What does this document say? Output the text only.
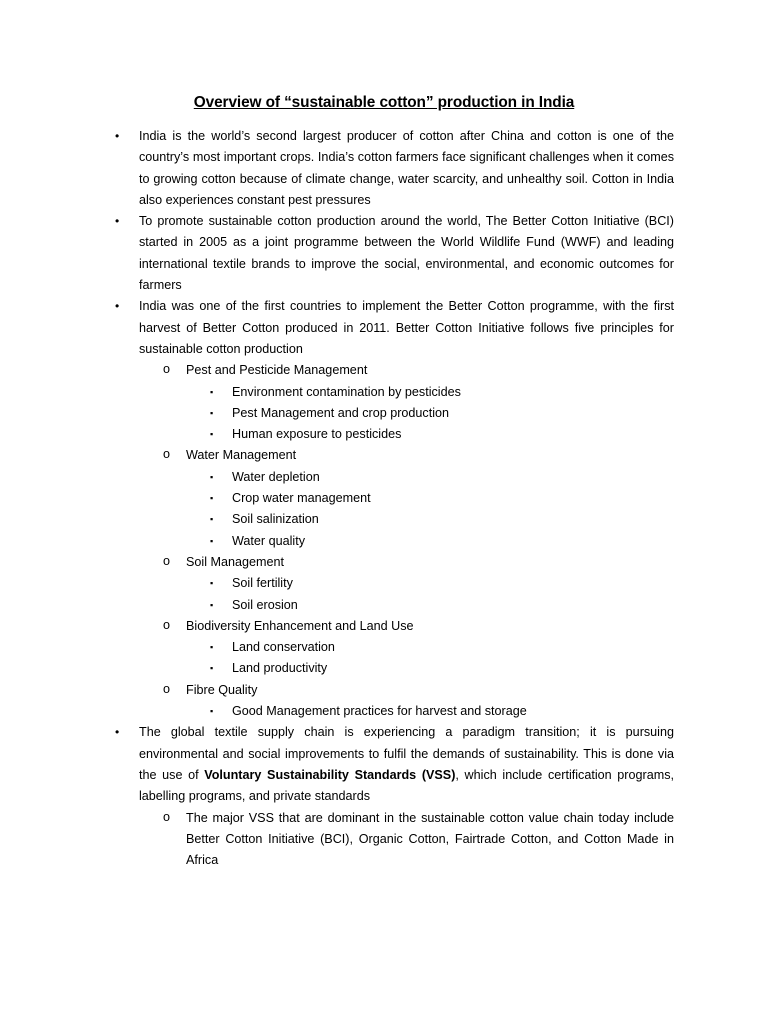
Overview of “sustainable cotton” production in India
• India is the world’s second largest producer of cotton after China and cotton is one of the country’s most important crops. India’s cotton farmers face significant challenges when it comes to growing cotton because of climate change, water scarcity, and unhealthy soil. Cotton in India also experiences constant pest pressures
• To promote sustainable cotton production around the world, The Better Cotton Initiative (BCI) started in 2005 as a joint programme between the World Wildlife Fund (WWF) and leading international textile brands to improve the social, environmental, and economic outcomes for farmers
• India was one of the first countries to implement the Better Cotton programme, with the first harvest of Better Cotton produced in 2011. Better Cotton Initiative follows five principles for sustainable cotton production
o Pest and Pesticide Management
▪ Environment contamination by pesticides
▪ Pest Management and crop production
▪ Human exposure to pesticides
o Water Management
▪ Water depletion
▪ Crop water management
▪ Soil salinization
▪ Water quality
o Soil Management
▪ Soil fertility
▪ Soil erosion
o Biodiversity Enhancement and Land Use
▪ Land conservation
▪ Land productivity
o Fibre Quality
▪ Good Management practices for harvest and storage
• The global textile supply chain is experiencing a paradigm transition; it is pursuing environmental and social improvements to fulfil the demands of sustainability. This is done via the use of Voluntary Sustainability Standards (VSS), which include certification programs, labelling programs, and private standards
o The major VSS that are dominant in the sustainable cotton value chain today include Better Cotton Initiative (BCI), Organic Cotton, Fairtrade Cotton, and Cotton Made in Africa
